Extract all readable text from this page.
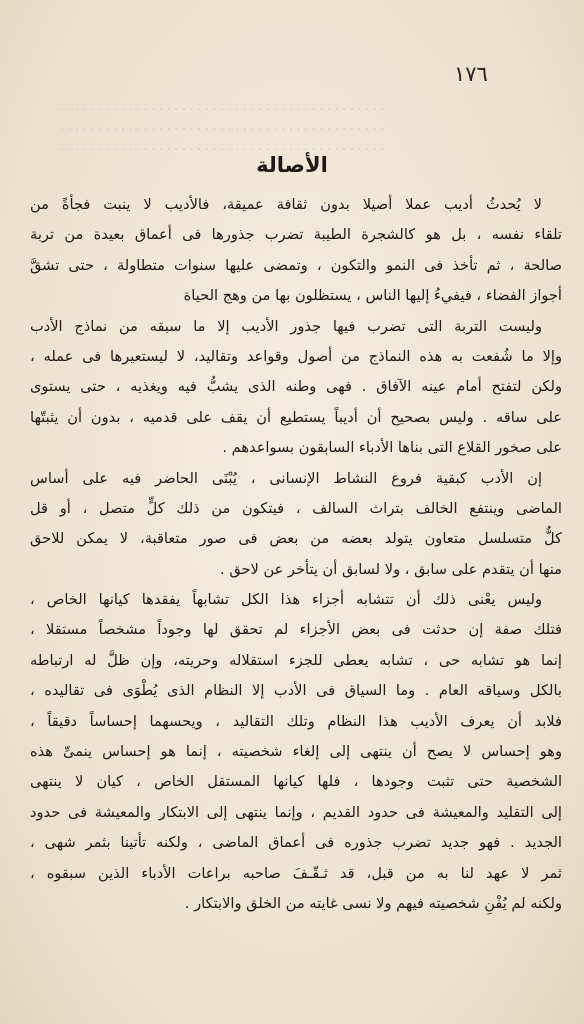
. . . . . . . . . . . . . . . . . . . . . . . . . . . . . . . . . . . . . . . . . . .
. . . . . . . . . . . . . . . . . . . . . . . . . . . . . . . . . . . . . . . . . . .
. . . . . . . . . . . . . . . . . . . . . . . . . . . . . . . . . . . . . . . . . . .
١٧٦
الأصالة
لا يُحدثُ أديب عملا أصيلا بدون ثقافة عميقة، فالأديب لا ينبت فجأةً من
تلقاء نفسه ، بل هو كالشجرة الطيبة تضرب جذورها فى أعماق بعيدة من تربة
صالحة ، ثم تأخذ فى النمو والتكون ، وتمضى عليها سنوات متطاولة ، حتى تشقَّ
أجواز الفضاء ، فيفيءُ إليها الناس ، يستظلون بها من وهج الحياة
وليست التربة التى تضرب فيها جذور الأديب إلا ما سبقه من نماذج الأدب
وإلا ما شُفعت به هذه النماذج من أصول وقواعد وتقاليد، لا ليستعيرها فى عمله ،
ولكن لتفتح أمام عينه الآفاق . فهى وطنه الذى يشبُّ فيه ويغذيه ، حتى يستوى
على ساقه . وليس بصحيح أن أديباً يستطيع أن يقف على قدميه ، بدون أن يثبتّها
على صخور القلاع التى بناها الأدباء السابقون بسواعدهم .
إن الأدب كبقية فروع النشاط الإنسانى ، يُبْنَى الحاضر فيه على أساس
الماضى وينتفع الخالف بتراث السالف ، فيتكون من ذلك كلٍّ متصل ، أو قل
كلٌّ متسلسل متعاون يتولد بعضه من بعض فى صور متعاقبة، لا يمكن للاحق
منها أن يتقدم على سابق ، ولا لسابق أن يتأخر عن لاحق .
وليس يعْنى ذلك أن تتشابه أجزاء هذا الكل تشابهاً يفقدها كيانها الخاص ،
فتلك صفة إن حدثت فى بعض الأجزاء لم تحقق لها وجوداً مشخصاً مستقلا ،
إنما هو تشابه حى ، تشابه يعطى للجزء استقلاله وحريته، وإن ظلَّ له ارتباطه
بالكل وسياقه العام . وما السياق فى الأدب إلا النظام الذى يُطْوَى فى تقاليده ،
فلابد أن يعرف الأديب هذا النظام وتلك التقاليد ، ويحسهما إحساساً دقيقاً ،
وهو إحساس لا يصح أن ينتهى إلى إلغاء شخصيته ، إنما هو إحساس ينمىِّ هذه
الشخصية حتى تثبت وجودها ، فلها كيانها المستقل الخاص ، كيان لا ينتهى
إلى التقليد والمعيشة فى حدود القديم ، وإنما ينتهى إلى الابتكار والمعيشة فى حدود
الجديد . فهو جديد تضرب جذوره فى أعماق الماضى ، ولكنه تأتينا بثمر شهى ،
ثمر لا عهد لنا به من قبل، قد ثـقّـفَ صاحبه براعات الأدباء الذين سبقوه ،
ولكنه لم يُفْنِ شخصيته فيهم ولا نسى غايته من الخلق والابتكار .
